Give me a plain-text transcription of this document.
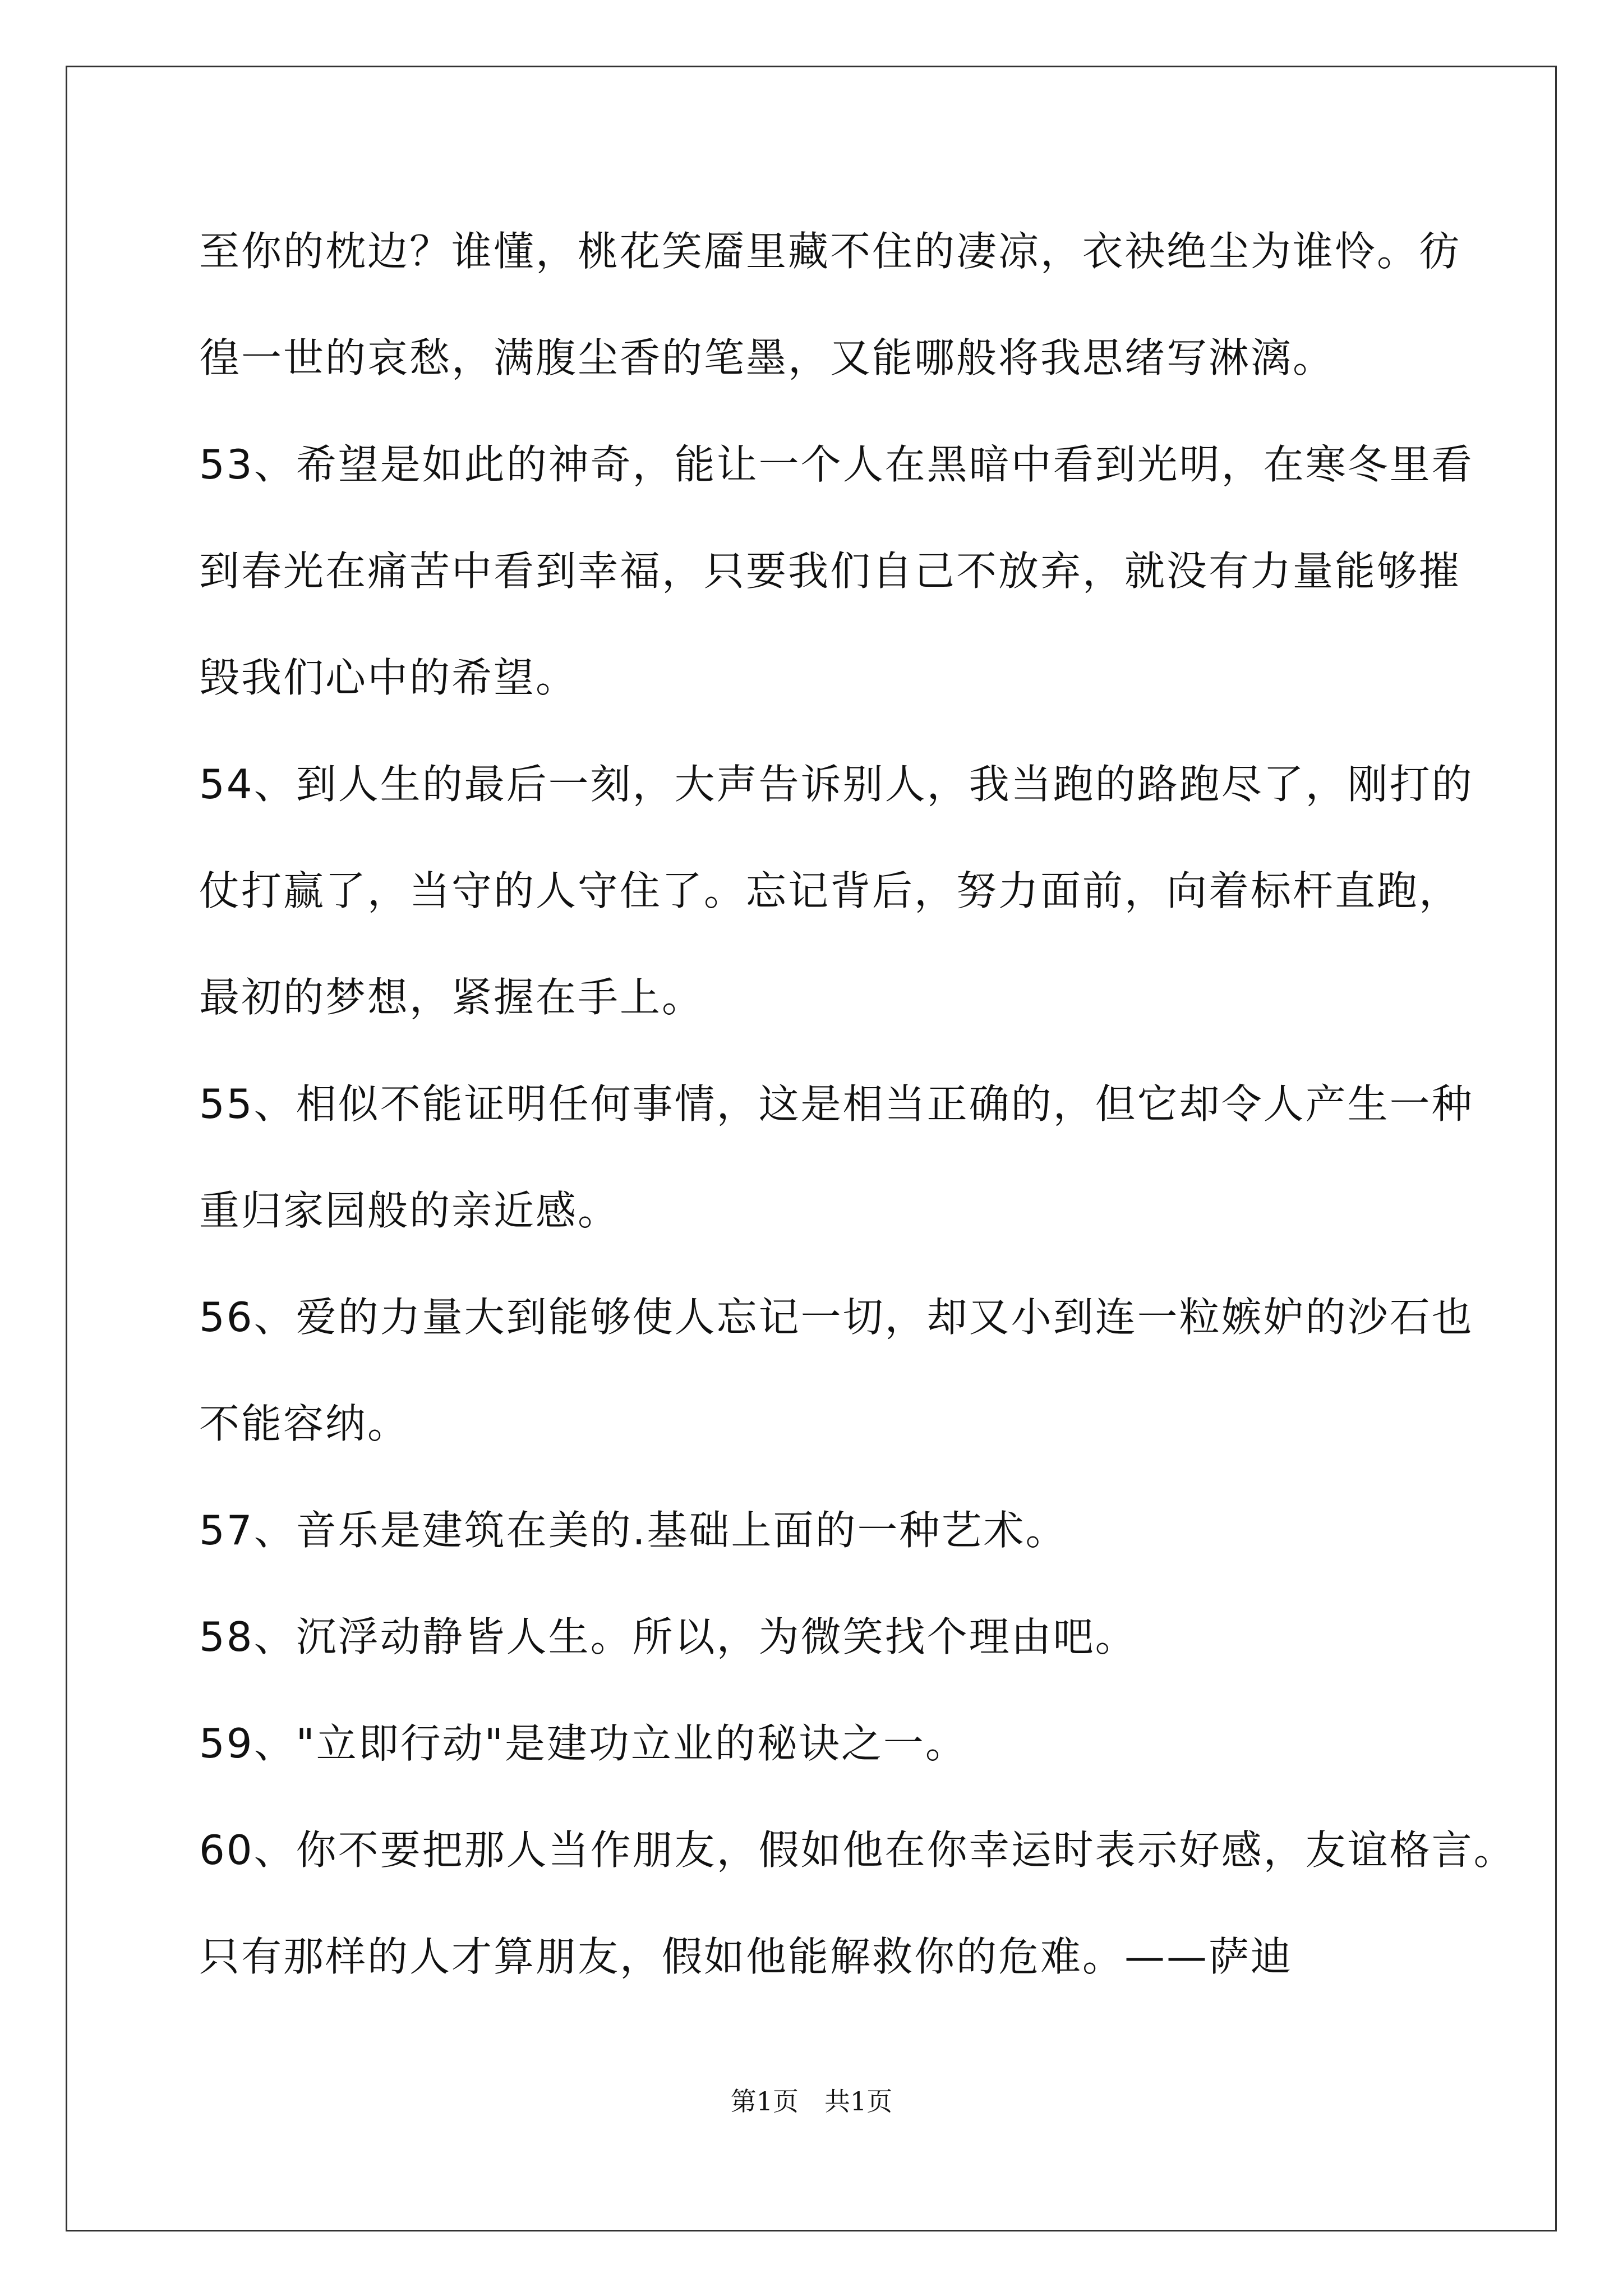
至你的枕边？谁懂，桃花笑靥里藏不住的凄凉，衣袂绝尘为谁怜。彷
徨一世的哀愁，满腹尘香的笔墨，又能哪般将我思绪写淋漓。
53、希望是如此的神奇，能让一个人在黑暗中看到光明，在寒冬里看
到春光在痛苦中看到幸福，只要我们自己不放弃，就没有力量能够摧
毁我们心中的希望。
54、到人生的最后一刻，大声告诉别人，我当跑的路跑尽了，刚打的
仗打赢了，当守的人守住了。忘记背后，努力面前，向着标杆直跑，
最初的梦想，紧握在手上。
55、相似不能证明任何事情，这是相当正确的，但它却令人产生一种
重归家园般的亲近感。
56、爱的力量大到能够使人忘记一切，却又小到连一粒嫉妒的沙石也
不能容纳。
57、音乐是建筑在美的.基础上面的一种艺术。
58、沉浮动静皆人生。所以，为微笑找个理由吧。
59、"立即行动"是建功立业的秘诀之一。
60、你不要把那人当作朋友，假如他在你幸运时表示好感，友谊格言。
只有那样的人才算朋友，假如他能解救你的危难。——萨迪
第1页　共1页
